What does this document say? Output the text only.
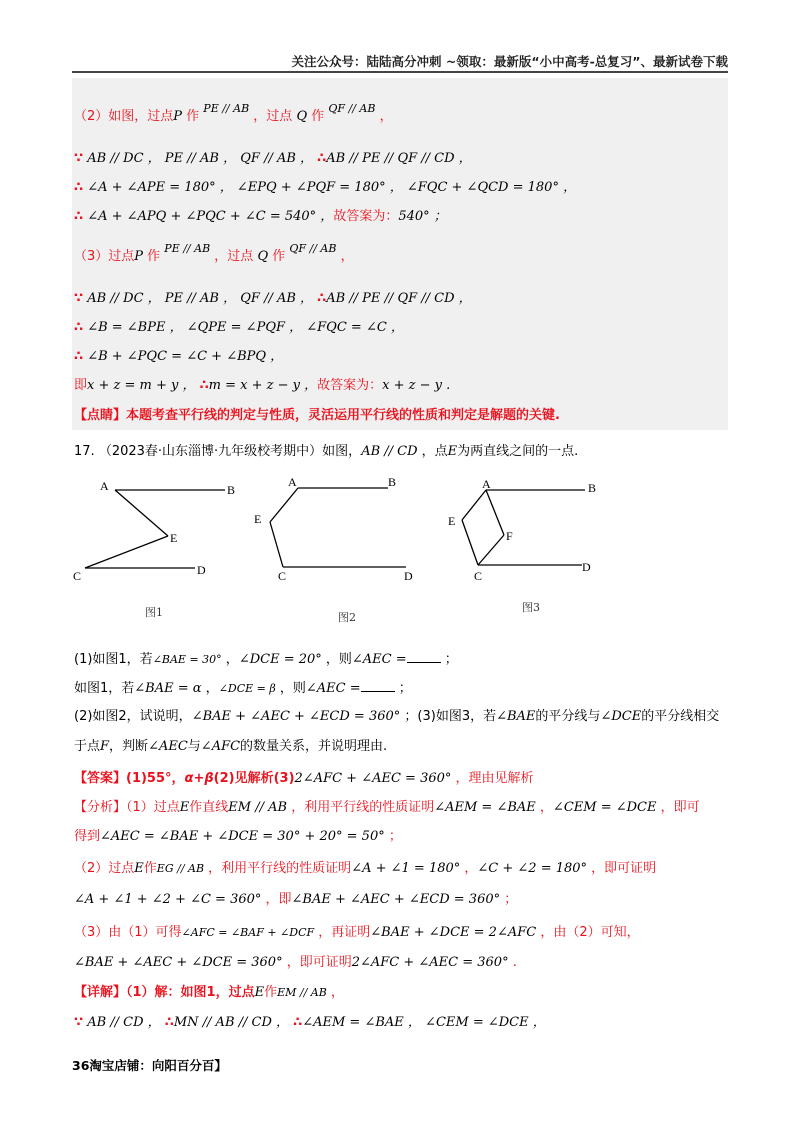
关注公众号：陆陆高分冲刺 ~领取：最新版“小中高考-总复习”、最新试卷下载
（2）如图，过点P 作 $^{PE // AB}$ ，过点 Q 作 $^{QF // AB}$ ，
∵ AB // DC ， PE // AB ， QF // AB ， ∴AB // PE // QF // CD ，
∴ ∠A + ∠APE = 180° ， ∠EPQ + ∠PQF = 180° ， ∠FQC + ∠QCD = 180° ，
∴ ∠A + ∠APQ + ∠PQC + ∠C = 540° ，故答案为：540° ；
（3）过点P 作 $^{PE // AB}$ ，过点 Q 作 $^{QF // AB}$ ，
∵ AB // DC ， PE // AB ， QF // AB ， ∴AB // PE // QF // CD ，
∴ ∠B = ∠BPE ， ∠QPE = ∠PQF ， ∠FQC = ∠C ，
∴ ∠B + ∠PQC = ∠C + ∠BPQ ，
即x + z = m + y ， ∴m = x + z − y ，故答案为：x + z − y .
【点睛】本题考查平行线的判定与性质，灵活运用平行线的性质和判定是解题的关键.
17. （2023春·山东淄博·九年级校考期中）如图，AB // CD ，点E为两直线之间的一点.
A	B
E
C	D
图1
A	B
E
C	D
图2
A	B
E
F
C
D
图3
(1)如图1，若∠BAE = 30° ，∠DCE = 20° ，则∠AEC =	；
如图1，若∠BAE = α ，∠DCE = β ，则∠AEC =	；
(2)如图2，试说明，∠BAE + ∠AEC + ∠ECD = 360° ；(3)如图3，若∠BAE的平分线与∠DCE的平分线相交
于点F，判断∠AEC与∠AFC的数量关系，并说明理由.
【答案】(1)55°，α+β(2)见解析(3)2∠AFC + ∠AEC = 360° ，理由见解析
【分析】（1）过点E作直线EM // AB ，利用平行线的性质证明∠AEM = ∠BAE ，∠CEM = ∠DCE ，即可
得到∠AEC = ∠BAE + ∠DCE = 30° + 20° = 50° ；
（2）过点E作EG // AB ，利用平行线的性质证明∠A + ∠1 = 180° ，∠C + ∠2 = 180° ，即可证明
∠A + ∠1 + ∠2 + ∠C = 360° ，即∠BAE + ∠AEC + ∠ECD = 360° ；
（3）由（1）可得∠AFC = ∠BAF + ∠DCF ，再证明∠BAE + ∠DCE = 2∠AFC ，由（2）可知，
∠BAE + ∠AEC + ∠DCE = 360° ，即可证明2∠AFC + ∠AEC = 360° .
【详解】（1）解：如图1，过点E作EM // AB ，
∵ AB // CD ， ∴MN // AB // CD ， ∴∠AEM = ∠BAE ， ∠CEM = ∠DCE ，
36淘宝店铺：向阳百分百】
